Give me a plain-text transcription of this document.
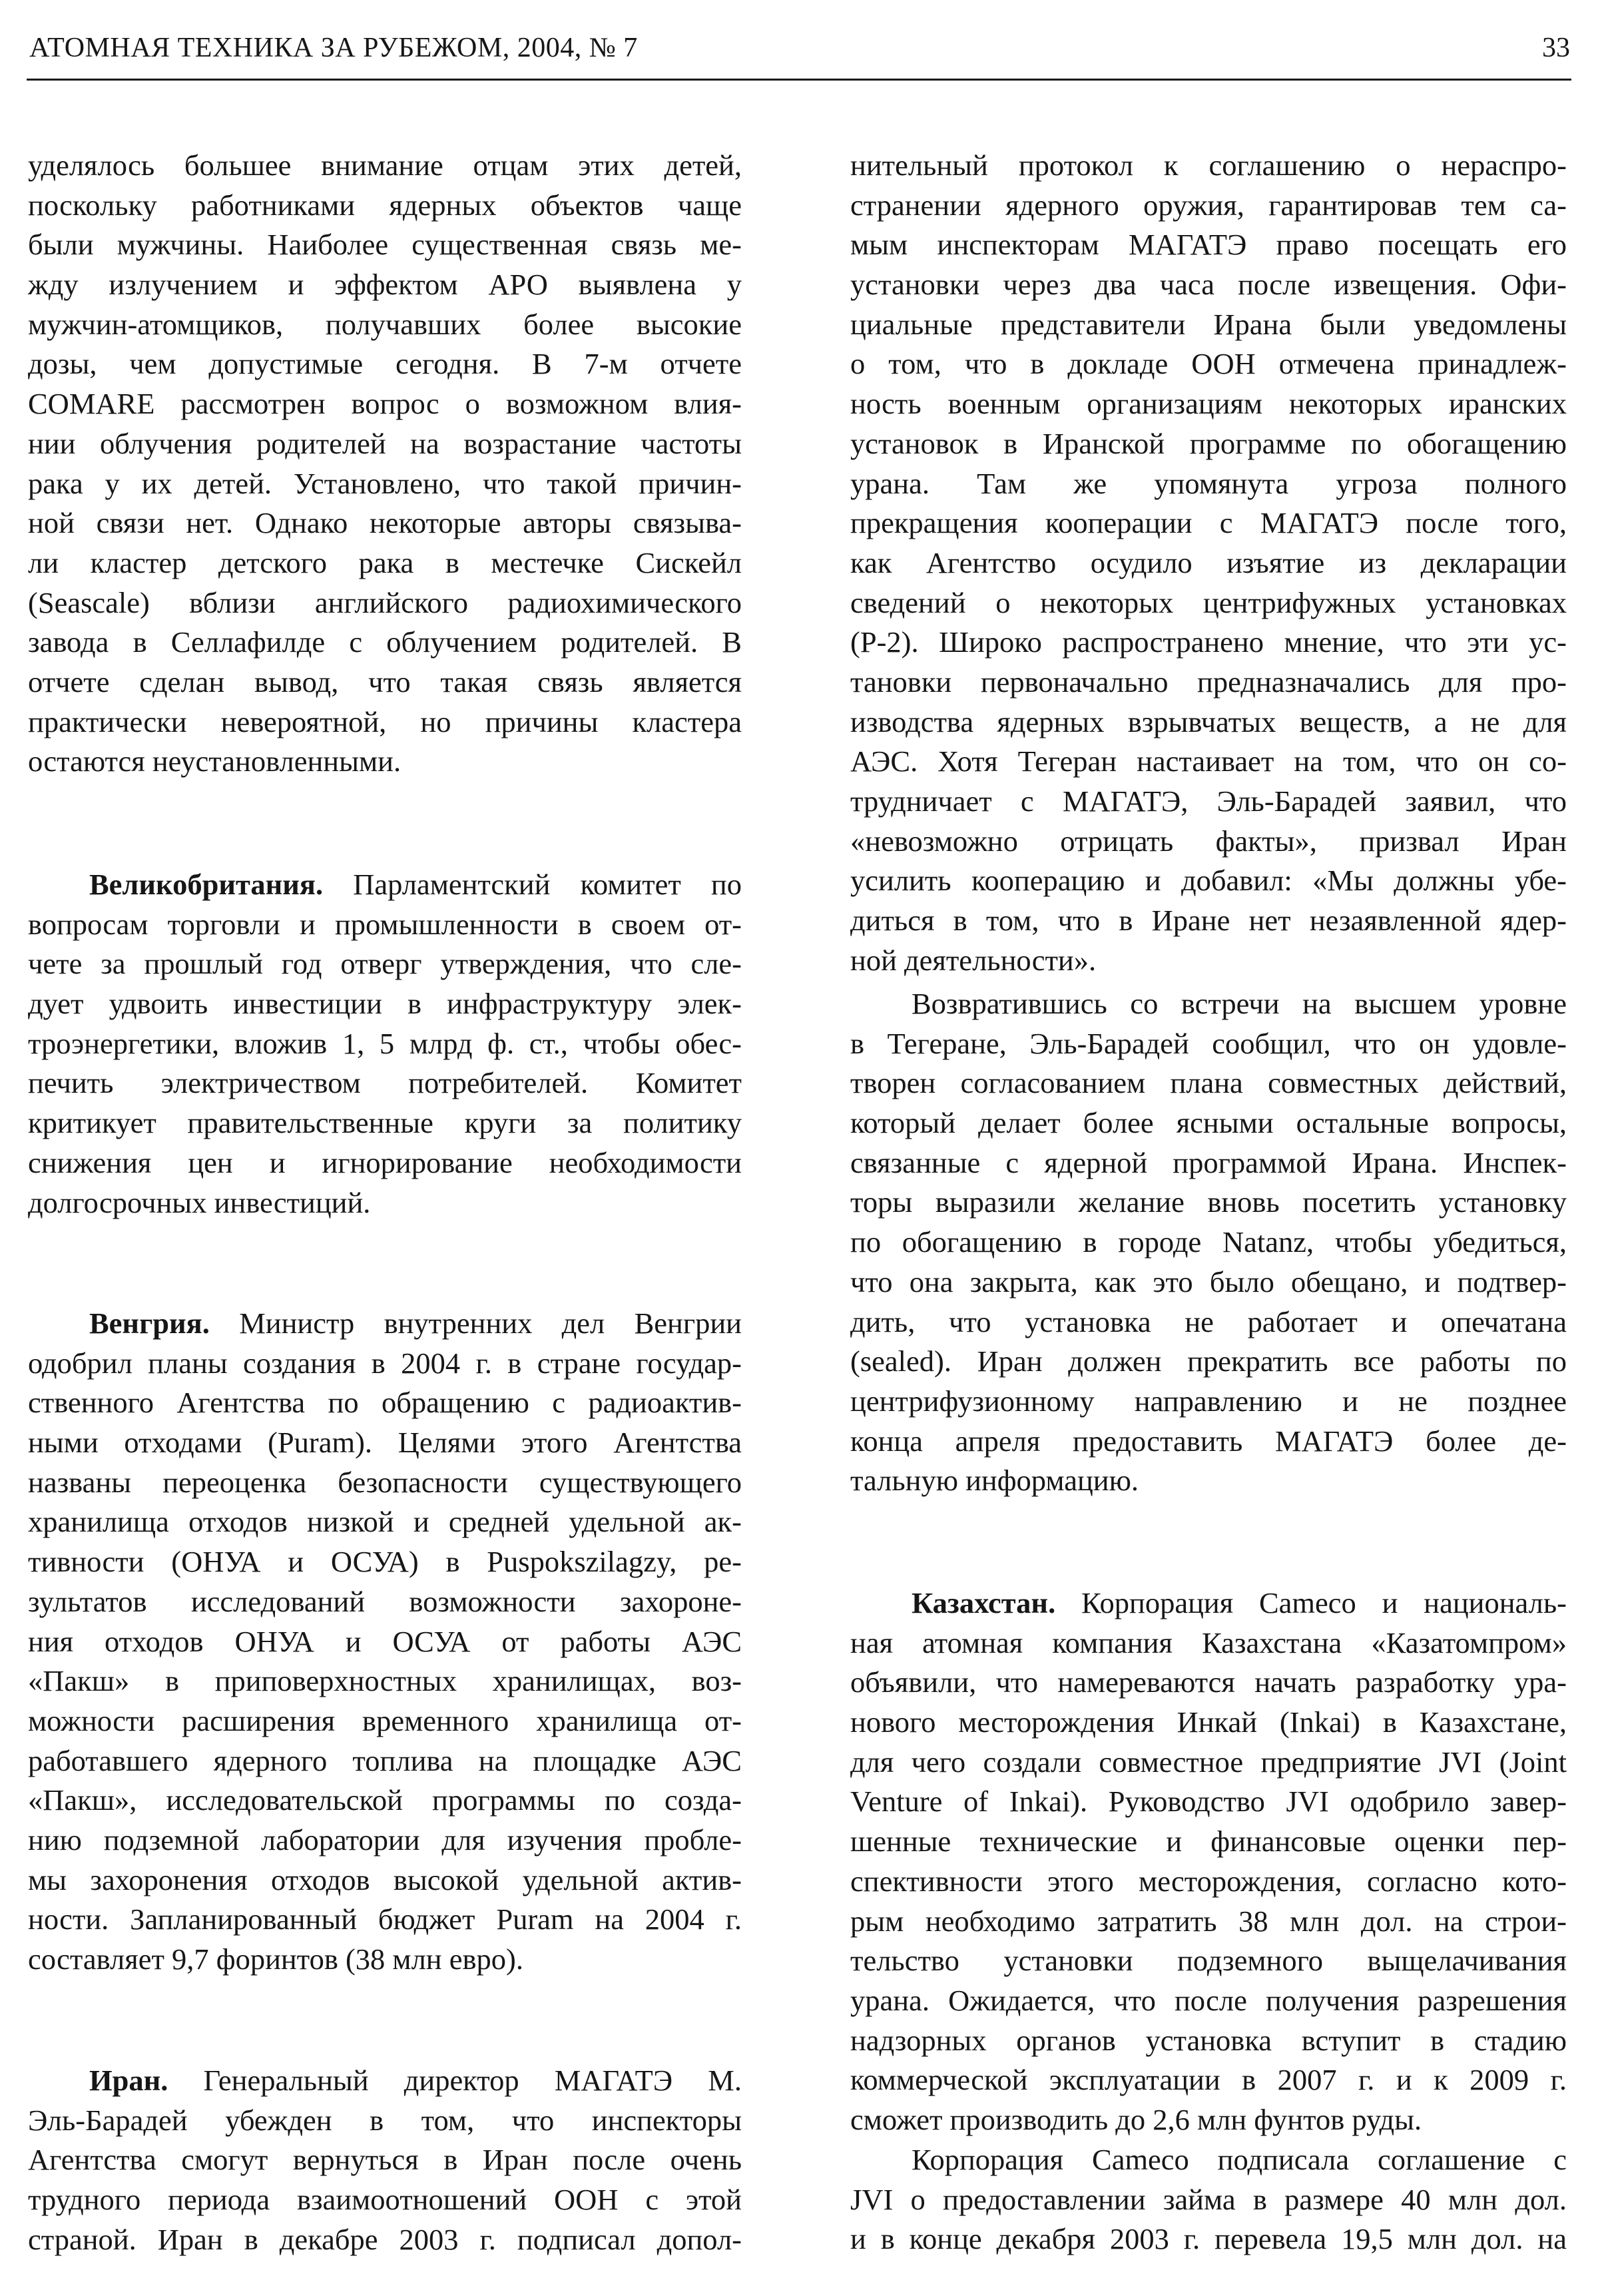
АТОМНАЯ ТЕХНИКА ЗА РУБЕЖОМ, 2004, № 7	33
уделялось большее внимание отцам этих детей,
поскольку работниками ядерных объектов чаще
были мужчины. Наиболее существенная связь ме-
жду излучением и эффектом АРО выявлена у
мужчин-атомщиков, получавших более высокие
дозы, чем допустимые сегодня. В 7-м отчете
COMARE рассмотрен вопрос о возможном влия-
нии облучения родителей на возрастание частоты
рака у их детей. Установлено, что такой причин-
ной связи нет. Однако некоторые авторы связыва-
ли кластер детского рака в местечке Сискейл
(Seascale) вблизи английского радиохимического
завода в Селлафилде с облучением родителей. В
отчете сделан вывод, что такая связь является
практически невероятной, но причины кластера
остаются неустановленными.
Великобритания. Парламентский комитет по
вопросам торговли и промышленности в своем от-
чете за прошлый год отверг утверждения, что сле-
дует удвоить инвестиции в инфраструктуру элек-
троэнергетики, вложив 1, 5 млрд ф. ст., чтобы обес-
печить электричеством потребителей. Комитет
критикует правительственные круги за политику
снижения цен и игнорирование необходимости
долгосрочных инвестиций.
Венгрия. Министр внутренних дел Венгрии
одобрил планы создания в 2004 г. в стране государ-
ственного Агентства по обращению с радиоактив-
ными отходами (Puram). Целями этого Агентства
названы переоценка безопасности существующего
хранилища отходов низкой и средней удельной ак-
тивности (ОНУА и ОСУА) в Puspokszilagzy, ре-
зультатов исследований возможности захороне-
ния отходов ОНУА и ОСУА от работы АЭС
«Пакш» в приповерхностных хранилищах, воз-
можности расширения временного хранилища от-
работавшего ядерного топлива на площадке АЭС
«Пакш», исследовательской программы по созда-
нию подземной лаборатории для изучения пробле-
мы захоронения отходов высокой удельной актив-
ности. Запланированный бюджет Puram на 2004 г.
составляет 9,7 форинтов (38 млн евро).
Иран. Генеральный директор МАГАТЭ М.
Эль-Барадей убежден в том, что инспекторы
Агентства смогут вернуться в Иран после очень
трудного периода взаимоотношений ООН с этой
страной. Иран в декабре 2003 г. подписал допол-
нительный протокол к соглашению о нераспро-
странении ядерного оружия, гарантировав тем са-
мым инспекторам МАГАТЭ право посещать его
установки через два часа после извещения. Офи-
циальные представители Ирана были уведомлены
о том, что в докладе ООН отмечена принадлеж-
ность военным организациям некоторых иранских
установок в Иранской программе по обогащению
урана. Там же упомянута угроза полного
прекращения кооперации с МАГАТЭ после того,
как Агентство осудило изъятие из декларации
сведений о некоторых центрифужных установках
(Р-2). Широко распространено мнение, что эти ус-
тановки первоначально предназначались для про-
изводства ядерных взрывчатых веществ, а не для
АЭС. Хотя Тегеран настаивает на том, что он со-
трудничает с МАГАТЭ, Эль-Барадей заявил, что
«невозможно отрицать факты», призвал Иран
усилить кооперацию и добавил: «Мы должны убе-
диться в том, что в Иране нет незаявленной ядер-
ной деятельности».
Возвратившись со встречи на высшем уровне
в Тегеране, Эль-Барадей сообщил, что он удовле-
творен согласованием плана совместных действий,
который делает более ясными остальные вопросы,
связанные с ядерной программой Ирана. Инспек-
торы выразили желание вновь посетить установку
по обогащению в городе Natanz, чтобы убедиться,
что она закрыта, как это было обещано, и подтвер-
дить, что установка не работает и опечатана
(sealed). Иран должен прекратить все работы по
центрифузионному направлению и не позднее
конца апреля предоставить МАГАТЭ более де-
тальную информацию.
Казахстан. Корпорация Cameco и националь-
ная атомная компания Казахстана «Казатомпром»
объявили, что намереваются начать разработку ура-
нового месторождения Инкай (Inkai) в Казахстане,
для чего создали совместное предприятие JVI (Joint
Venture of Inkai). Руководство JVI одобрило завер-
шенные технические и финансовые оценки пер-
спективности этого месторождения, согласно кото-
рым необходимо затратить 38 млн дол. на строи-
тельство установки подземного выщелачивания
урана. Ожидается, что после получения разрешения
надзорных органов установка вступит в стадию
коммерческой эксплуатации в 2007 г. и к 2009 г.
сможет производить до 2,6 млн фунтов руды.
Корпорация Cameco подписала соглашение с
JVI о предоставлении займа в размере 40 млн дол.
и в конце декабря 2003 г. перевела 19,5 млн дол. на
